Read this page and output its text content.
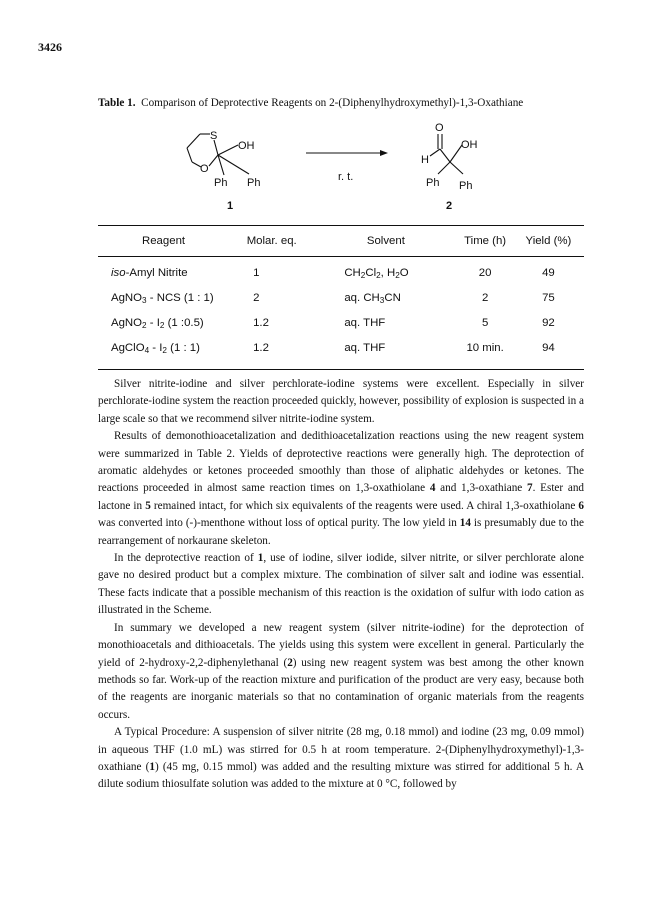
3426
Table 1. Comparison of Deprotective Reagents on 2-(Diphenylhydroxymethyl)-1,3-Oxathiane
S
O
OH
Ph Ph
1
r. t.
O
H
OH
Ph Ph
2
Reagent	Molar. eq.	Solvent	Time (h)	Yield (%)

iso-Amyl Nitrite	1	$CH_2Cl_2$, $H_2O$	20	49
AgNO$_3$ - NCS (1 : 1)	2	aq. $CH_3CN$	2	75
AgNO$_2$ - $I_2$ (1 :0.5)	1.2	aq. THF	5	92
AgClO$_4$ - $I_2$ (1 : 1)	1.2	aq. THF	10 min.	94

Silver nitrite-iodine and silver perchlorate-iodine systems were excellent. Especially in silver perchlorate-iodine system the reaction proceeded quickly, however, possibility of explosion is suspected in a large scale so that we recommend silver nitrite-iodine system.

Results of demonothioacetalization and dedithioacetalization reactions using the new reagent system were summarized in Table 2. Yields of deprotective reactions were generally high. The deprotection of aromatic aldehydes or ketones proceeded smoothly than those of aliphatic aldehydes or ketones. The reactions proceeded in almost same reaction times on 1,3-oxathiolane 4 and 1,3-oxathiane 7. Ester and lactone in 5 remained intact, for which six equivalents of the reagents were used. A chiral 1,3-oxathiolane 6 was converted into (-)-menthone without loss of optical purity. The low yield in 14 is presumably due to the rearrangement of norkaurane skeleton.

In the deprotective reaction of 1, use of iodine, silver iodide, silver nitrite, or silver perchlorate alone gave no desired product but a complex mixture. The combination of silver salt and iodine was essential. These facts indicate that a possible mechanism of this reaction is the oxidation of sulfur with iodo cation as illustrated in the Scheme.

In summary we developed a new reagent system (silver nitrite-iodine) for the deprotection of monothioacetals and dithioacetals. The yields using this system were excellent in general. Particularly the yield of 2-hydroxy-2,2-diphenylethanal (2) using new reagent system was best among the other known methods so far. Work-up of the reaction mixture and purification of the product are very easy, because both of the reagents are inorganic materials so that no contamination of organic materials from the reagents occurs.

A Typical Procedure: A suspension of silver nitrite (28 mg, 0.18 mmol) and iodine (23 mg, 0.09 mmol) in aqueous THF (1.0 mL) was stirred for 0.5 h at room temperature. 2-(Diphenylhydroxymethyl)-1,3-oxathiane (1) (45 mg, 0.15 mmol) was added and the resulting mixture was stirred for additional 5 h. A dilute sodium thiosulfate solution was added to the mixture at 0 °C, followed by
